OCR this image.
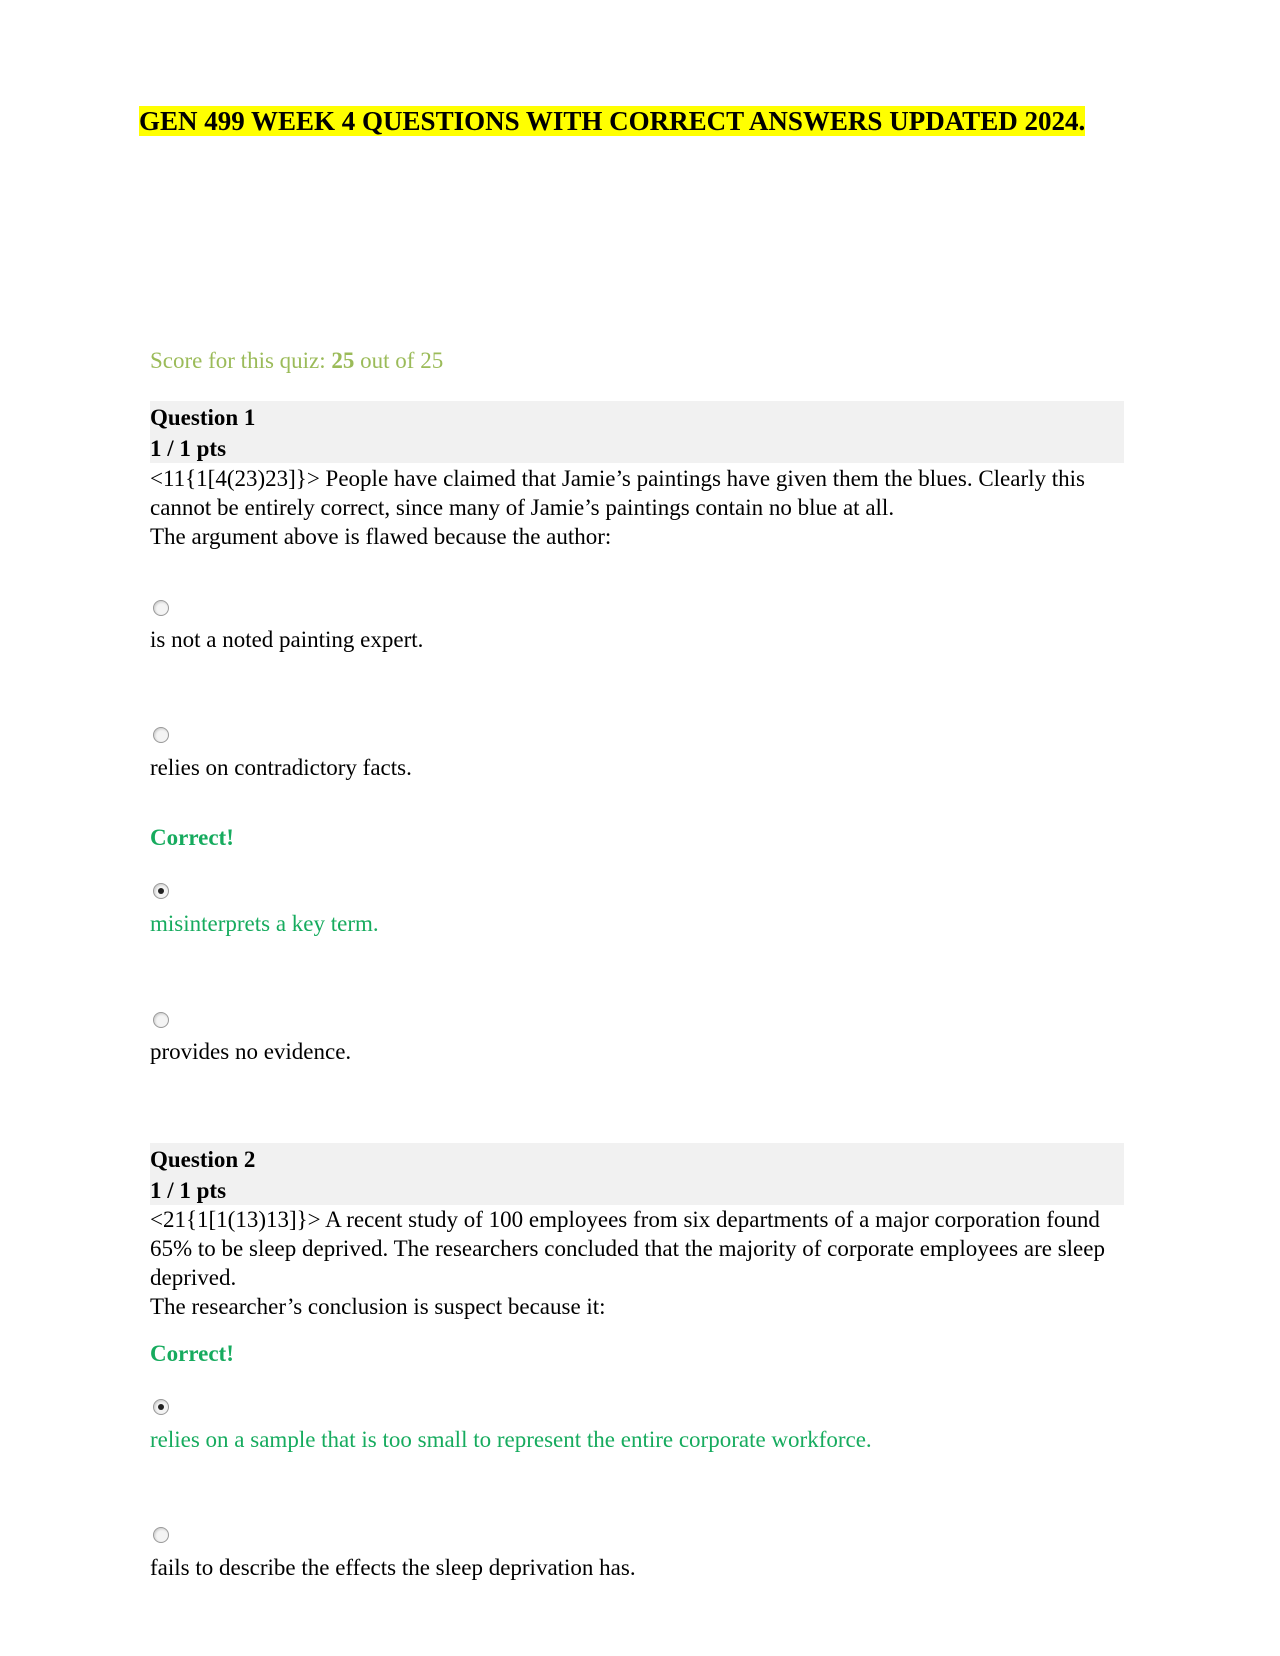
GEN 499 WEEK 4 QUESTIONS WITH CORRECT ANSWERS UPDATED 2024.
Score for this quiz: 25 out of 25
Question 1
1 / 1 pts
<11{1[4(23)23]}> People have claimed that Jamie’s paintings have given them the blues. Clearly this cannot be entirely correct, since many of Jamie’s paintings contain no blue at all.
The argument above is flawed because the author:
is not a noted painting expert.
relies on contradictory facts.
Correct!
misinterprets a key term.
provides no evidence.
Question 2
1 / 1 pts
<21{1[1(13)13]}> A recent study of 100 employees from six departments of a major corporation found 65% to be sleep deprived. The researchers concluded that the majority of corporate employees are sleep deprived.
The researcher’s conclusion is suspect because it:
Correct!
relies on a sample that is too small to represent the entire corporate workforce.
fails to describe the effects the sleep deprivation has.
